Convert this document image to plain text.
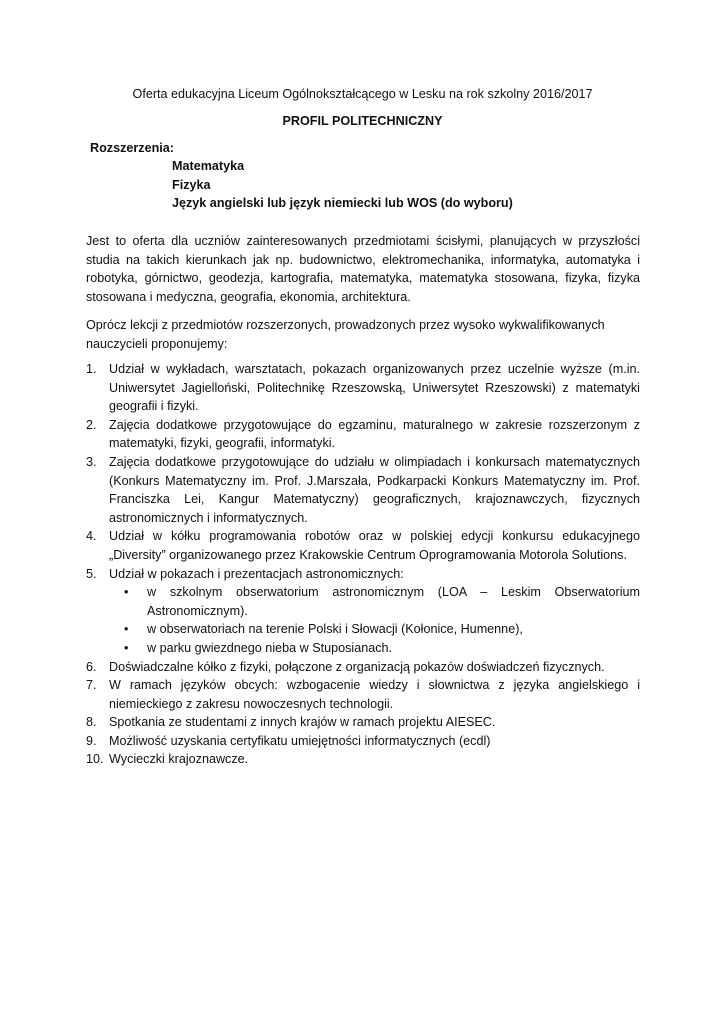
Oferta edukacyjna Liceum Ogólnokształcącego w Lesku na rok szkolny 2016/2017
PROFIL POLITECHNICZNY
Rozszerzenia:
Matematyka
Fizyka
Język angielski lub język niemiecki lub WOS (do wyboru)

Jest to oferta dla uczniów zainteresowanych przedmiotami ścisłymi, planujących w przyszłości studia na takich kierunkach jak np. budownictwo, elektromechanika, informatyka, automatyka i robotyka, górnictwo, geodezja, kartografia, matematyka, matematyka stosowana, fizyka, fizyka stosowana i medyczna, geografia, ekonomia, architektura.

Oprócz lekcji z przedmiotów rozszerzonych, prowadzonych przez wysoko wykwalifikowanych nauczycieli proponujemy:

1. Udział w wykładach, warsztatach, pokazach organizowanych przez uczelnie wyższe (m.in. Uniwersytet Jagielloński, Politechnikę Rzeszowską, Uniwersytet Rzeszowski) z matematyki geografii i fizyki.
2. Zajęcia dodatkowe przygotowujące do egzaminu, maturalnego w zakresie rozszerzonym z matematyki, fizyki, geografii, informatyki.
3. Zajęcia dodatkowe przygotowujące do udziału w olimpiadach i konkursach matematycznych (Konkurs Matematyczny im. Prof. J.Marszała, Podkarpacki Konkurs Matematyczny im. Prof. Franciszka Lei, Kangur Matematyczny) geograficznych, krajoznawczych, fizycznych astronomicznych i informatycznych.
4. Udział w kółku programowania robotów oraz w polskiej edycji konkursu edukacyjnego „Diversity” organizowanego przez Krakowskie Centrum Oprogramowania Motorola Solutions.
5. Udział w pokazach i prezentacjach astronomicznych:
• w szkolnym obserwatorium astronomicznym (LOA – Leskim Obserwatorium Astronomicznym).
• w obserwatoriach na terenie Polski i Słowacji (Kołonice, Humenne),
• w parku gwiezdnego nieba w Stuposianach.
6. Doświadczalne kółko z fizyki, połączone z organizacją pokazów doświadczeń fizycznych.
7. W ramach języków obcych: wzbogacenie wiedzy i słownictwa z języka angielskiego i niemieckiego z zakresu nowoczesnych technologii.
8. Spotkania ze studentami z innych krajów w ramach projektu AIESEC.
9. Możliwość uzyskania certyfikatu umiejętności informatycznych (ecdl)
10. Wycieczki krajoznawcze.
